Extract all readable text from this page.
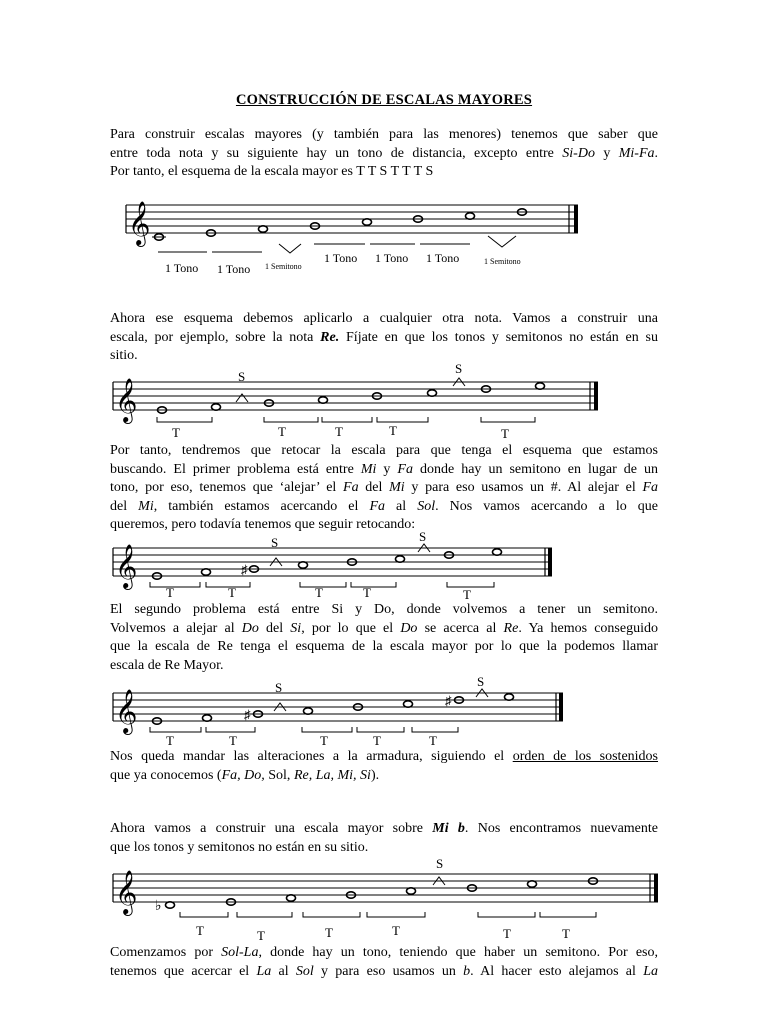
CONSTRUCCIÓN DE ESCALAS MAYORES
Para construir escalas mayores (y también para las menores) tenemos que saber que
entre toda nota y su siguiente hay un tono de distancia, excepto entre Si-Do y Mi-Fa.
Por tanto, el esquema de la escala mayor es T T S T T T S
Ahora ese esquema debemos aplicarlo a cualquier otra nota. Vamos a construir una
escala, por ejemplo, sobre la nota Re. Fíjate en que los tonos y semitonos no están en su
sitio.
Por tanto, tendremos que retocar la escala para que tenga el esquema que estamos
buscando. El primer problema está entre Mi y Fa donde hay un semitono en lugar de un
tono, por eso, tenemos que ‘alejar’ el Fa del Mi y para eso usamos un #. Al alejar el Fa
del Mi, también estamos acercando el Fa al Sol. Nos vamos acercando a lo que
queremos, pero todavía tenemos que seguir retocando:
El segundo problema está entre Si y Do, donde volvemos a tener un semitono.
Volvemos a alejar al Do del Si, por lo que el Do se acerca al Re. Ya hemos conseguido
que la escala de Re tenga el esquema de la escala mayor por lo que la podemos llamar
escala de Re Mayor.
Nos queda mandar las alteraciones a la armadura, siguiendo el orden de los sostenidos
que ya conocemos (Fa, Do, Sol, Re, La, Mi, Si).
Ahora vamos a construir una escala mayor sobre Mi b. Nos encontramos nuevamente
que los tonos y semitonos no están en su sitio.
Comenzamos por Sol-La, donde hay un tono, teniendo que haber un semitono. Por eso,
tenemos que acercar el La al Sol y para eso usamos un b. Al hacer esto alejamos al La
𝄞
1 Tono 1 Tono 1 Semitono
1 Tono 1 Tono 1 Tono	1 Semitono
𝄞
S
S
T	T	T	T	T
𝄞	♯
S	S
T	T	T	T	T
𝄞	♯
♯
S	S
T	T	T	T	T
𝄞 ♭
S
T	T	T	T	T	T
